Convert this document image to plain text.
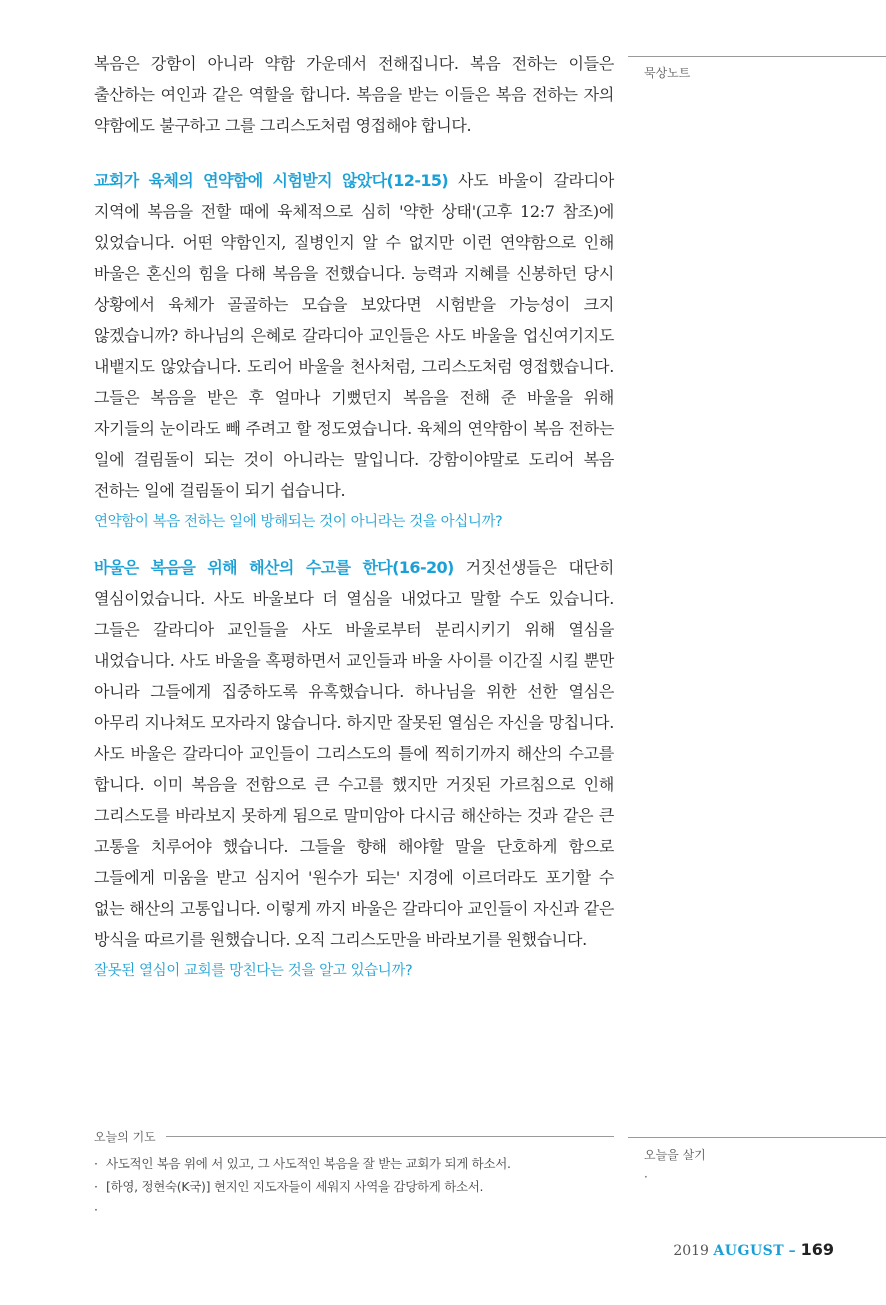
복음은 강함이 아니라 약함 가운데서 전해집니다. 복음 전하는 이들은 출산하는 여인과 같은 역할을 합니다. 복음을 받는 이들은 복음 전하는 자의 약함에도 불구하고 그를 그리스도처럼 영접해야 합니다.

교회가 육체의 연약함에 시험받지 않았다(12-15) 사도 바울이 갈라디아 지역에 복음을 전할 때에 육체적으로 심히 '약한 상태'(고후 12:7 참조)에 있었습니다. 어떤 약함인지, 질병인지 알 수 없지만 이런 연약함으로 인해 바울은 혼신의 힘을 다해 복음을 전했습니다. 능력과 지혜를 신봉하던 당시 상황에서 육체가 골골하는 모습을 보았다면 시험받을 가능성이 크지 않겠습니까? 하나님의 은혜로 갈라디아 교인들은 사도 바울을 업신여기지도 내뱉지도 않았습니다. 도리어 바울을 천사처럼, 그리스도처럼 영접했습니다. 그들은 복음을 받은 후 얼마나 기뻤던지 복음을 전해 준 바울을 위해 자기들의 눈이라도 빼 주려고 할 정도였습니다. 육체의 연약함이 복음 전하는 일에 걸림돌이 되는 것이 아니라는 말입니다. 강함이야말로 도리어 복음 전하는 일에 걸림돌이 되기 쉽습니다.

연약함이 복음 전하는 일에 방해되는 것이 아니라는 것을 아십니까?

바울은 복음을 위해 해산의 수고를 한다(16-20) 거짓선생들은 대단히 열심이었습니다. 사도 바울보다 더 열심을 내었다고 말할 수도 있습니다. 그들은 갈라디아 교인들을 사도 바울로부터 분리시키기 위해 열심을 내었습니다. 사도 바울을 혹평하면서 교인들과 바울 사이를 이간질 시킬 뿐만 아니라 그들에게 집중하도록 유혹했습니다. 하나님을 위한 선한 열심은 아무리 지나쳐도 모자라지 않습니다. 하지만 잘못된 열심은 자신을 망칩니다. 사도 바울은 갈라디아 교인들이 그리스도의 틀에 찍히기까지 해산의 수고를 합니다. 이미 복음을 전함으로 큰 수고를 했지만 거짓된 가르침으로 인해 그리스도를 바라보지 못하게 됨으로 말미암아 다시금 해산하는 것과 같은 큰 고통을 치루어야 했습니다. 그들을 향해 해야할 말을 단호하게 함으로 그들에게 미움을 받고 심지어 '원수가 되는' 지경에 이르더라도 포기할 수 없는 해산의 고통입니다. 이렇게 까지 바울은 갈라디아 교인들이 자신과 같은 방식을 따르기를 원했습니다. 오직 그리스도만을 바라보기를 원했습니다.

잘못된 열심이 교회를 망친다는 것을 알고 있습니까?

묵상노트
오늘의 기도
· 사도적인 복음 위에 서 있고, 그 사도적인 복음을 잘 받는 교회가 되게 하소서.
· [하영, 정현숙(K국)] 현지인 지도자들이 세워지 사역을 감당하게 하소서.
·
오늘을 살기
·
2019 AUGUST – 169
